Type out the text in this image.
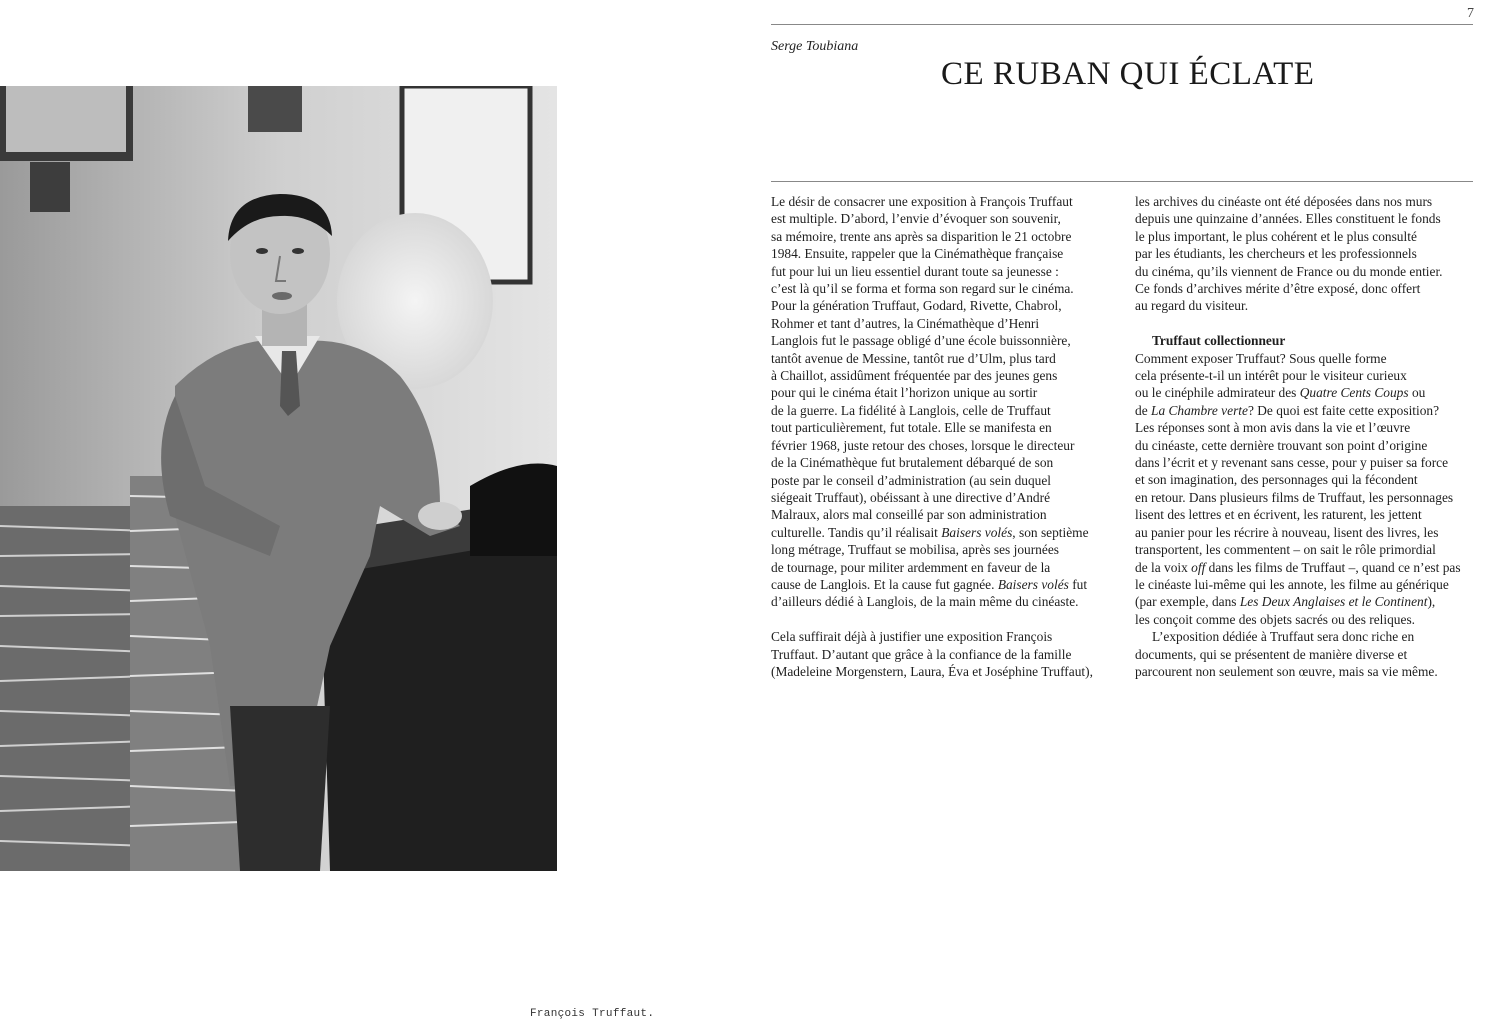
François Truffaut.
7
Serge Toubiana
CE RUBAN QUI ÉCLATE
Le désir de consacrer une exposition à François Truffaut
est multiple. D’abord, l’envie d’évoquer son souvenir,
sa mémoire, trente ans après sa disparition le 21 octobre
1984. Ensuite, rappeler que la Cinémathèque française
fut pour lui un lieu essentiel durant toute sa jeunesse :
c’est là qu’il se forma et forma son regard sur le cinéma.
Pour la génération Truffaut, Godard, Rivette, Chabrol,
Rohmer et tant d’autres, la Cinémathèque d’Henri
Langlois fut le passage obligé d’une école buissonnière,
tantôt avenue de Messine, tantôt rue d’Ulm, plus tard
à Chaillot, assidûment fréquentée par des jeunes gens
pour qui le cinéma était l’horizon unique au sortir
de la guerre. La fidélité à Langlois, celle de Truffaut
tout particulièrement, fut totale. Elle se manifesta en
février 1968, juste retour des choses, lorsque le directeur
de la Cinémathèque fut brutalement débarqué de son
poste par le conseil d’administration (au sein duquel
siégeait Truffaut), obéissant à une directive d’André
Malraux, alors mal conseillé par son administration
culturelle. Tandis qu’il réalisait Baisers volés, son septième
long métrage, Truffaut se mobilisa, après ses journées
de tournage, pour militer ardemment en faveur de la
cause de Langlois. Et la cause fut gagnée. Baisers volés fut
d’ailleurs dédié à Langlois, de la main même du cinéaste.
Cela suffirait déjà à justifier une exposition François
Truffaut. D’autant que grâce à la confiance de la famille
(Madeleine Morgenstern, Laura, Éva et Joséphine Truffaut),
les archives du cinéaste ont été déposées dans nos murs
depuis une quinzaine d’années. Elles constituent le fonds
le plus important, le plus cohérent et le plus consulté
par les étudiants, les chercheurs et les professionnels
du cinéma, qu’ils viennent de France ou du monde entier.
Ce fonds d’archives mérite d’être exposé, donc offert
au regard du visiteur.
Truffaut collectionneur
Comment exposer Truffaut? Sous quelle forme
cela présente-t-il un intérêt pour le visiteur curieux
ou le cinéphile admirateur des Quatre Cents Coups ou
de La Chambre verte? De quoi est faite cette exposition?
Les réponses sont à mon avis dans la vie et l’œuvre
du cinéaste, cette dernière trouvant son point d’origine
dans l’écrit et y revenant sans cesse, pour y puiser sa force
et son imagination, des personnages qui la fécondent
en retour. Dans plusieurs films de Truffaut, les personnages
lisent des lettres et en écrivent, les raturent, les jettent
au panier pour les récrire à nouveau, lisent des livres, les
transportent, les commentent – on sait le rôle primordial
de la voix off dans les films de Truffaut –, quand ce n’est pas
le cinéaste lui-même qui les annote, les filme au générique
(par exemple, dans Les Deux Anglaises et le Continent),
les conçoit comme des objets sacrés ou des reliques.
L’exposition dédiée à Truffaut sera donc riche en
documents, qui se présentent de manière diverse et
parcourent non seulement son œuvre, mais sa vie même.
